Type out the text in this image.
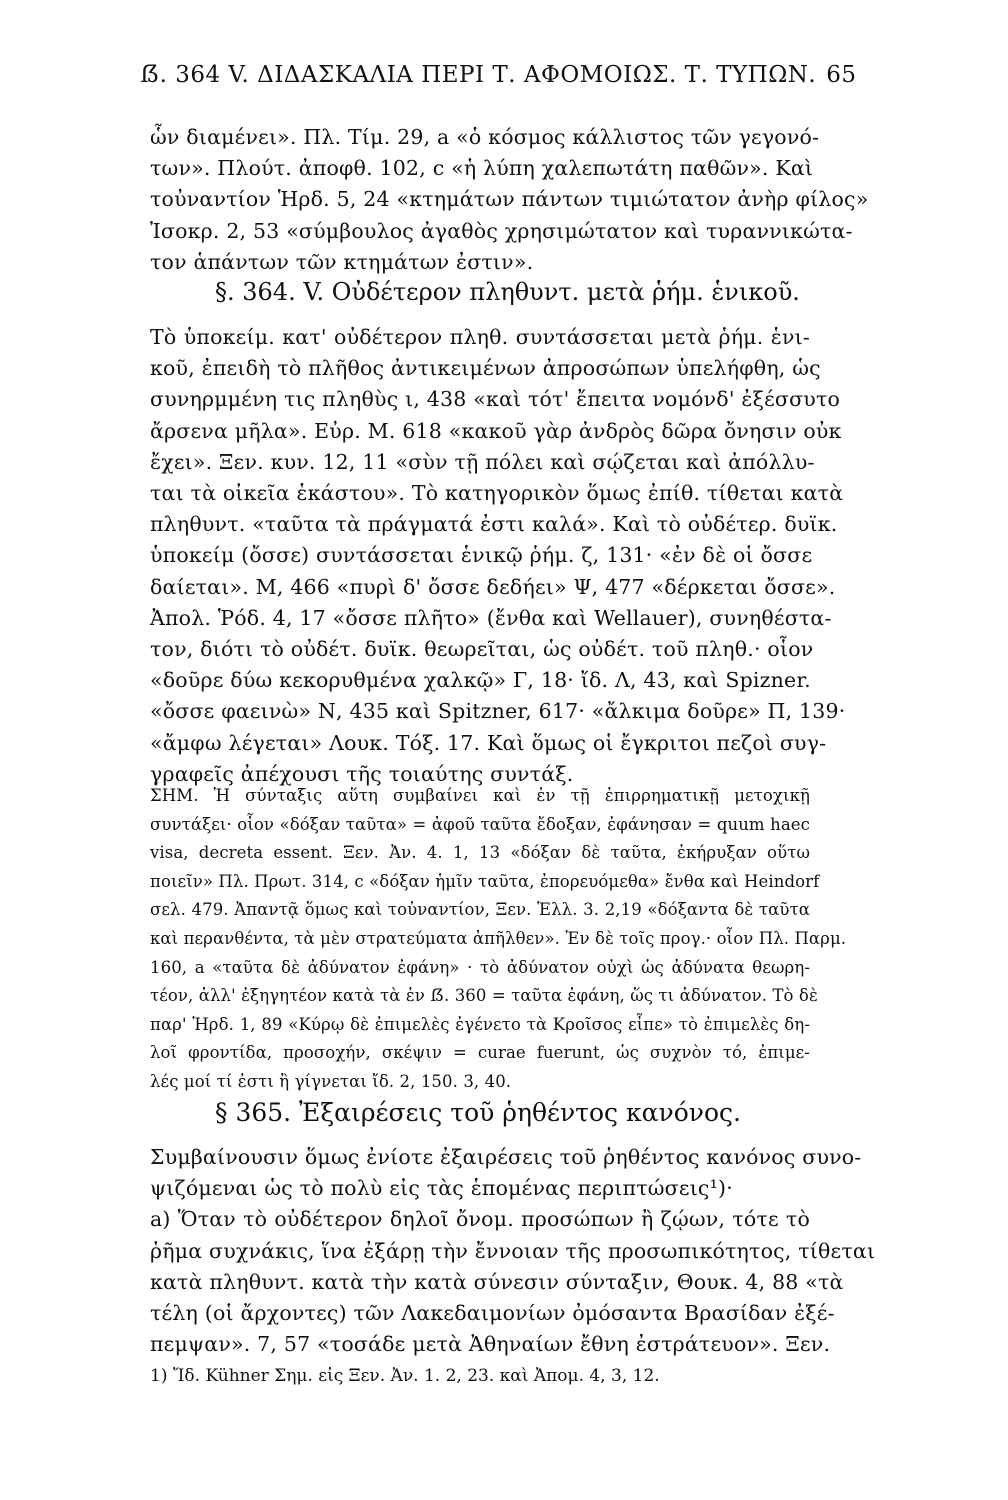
ẞ. 364 V. ΔΙΔΑΣΚΑΛΙΑ ΠΕΡΙ Τ. ΑΦΟΜΟΙΩΣ. Τ. ΤΥΠΩΝ. 65
ὧν διαμένει». Πλ. Τίμ. 29, a «ὁ κόσμος κάλλιστος τῶν γεγονό-
των». Πλούτ. ἀποφθ. 102, c «ἡ λύπη χαλεπωτάτη παθῶν». Καὶ
τοὐναντίον Ἡρδ. 5, 24 «κτημάτων πάντων τιμιώτατον ἀνὴρ φίλος»
Ἰσοκρ. 2, 53 «σύμβουλος ἀγαθὸς χρησιμώτατον καὶ τυραννικώτα-
τον ἁπάντων τῶν κτημάτων ἐστιν».
§. 364. V. Οὐδέτερον πληθυντ. μετὰ ῥήμ. ἑνικοῦ.
Τὸ ὑποκείμ. κατ' οὐδέτερον πληθ. συντάσσεται μετὰ ῥήμ. ἑνι-
κοῦ, ἐπειδὴ τὸ πλῆθος ἀντικειμένων ἀπροσώπων ὑπελήφθη, ὡς
συνηρμμένη τις πληθὺς ι, 438 «καὶ τότ' ἔπειτα νομόνδ' ἐξέσσυτο
ἄρσενα μῆλα». Εὐρ. Μ. 618 «κακοῦ γὰρ ἀνδρὸς δῶρα ὄνησιν οὐκ
ἔχει». Ξεν. κυν. 12, 11 «σὺν τῇ πόλει καὶ σῴζεται καὶ ἀπόλλυ-
ται τὰ οἰκεῖα ἑκάστου». Τὸ κατηγορικὸν ὅμως ἐπίθ. τίθεται κατὰ
πληθυντ. «ταῦτα τὰ πράγματά ἐστι καλά». Καὶ τὸ οὐδέτερ. δυϊκ.
ὑποκείμ (ὄσσε) συντάσσεται ἑνικῷ ῥήμ. ζ, 131· «ἐν δὲ οἱ ὄσσε
δαίεται». Μ, 466 «πυρὶ δ' ὄσσε δεδήει» Ψ, 477 «δέρκεται ὄσσε».
Ἀπολ. Ῥόδ. 4, 17 «ὄσσε πλῆτο» (ἔνθα καὶ Wellauer), συνηθέστα-
τον, διότι τὸ οὐδέτ. δυϊκ. θεωρεῖται, ὡς οὐδέτ. τοῦ πληθ.· οἷον
«δοῦρε δύω κεκορυθμένα χαλκῷ» Γ, 18· ἴδ. Λ, 43, καὶ Spizner.
«ὄσσε φαεινὼ» Ν, 435 καὶ Spitzner, 617· «ἄλκιμα δοῦρε» Π, 139·
«ἄμφω λέγεται» Λουκ. Τόξ. 17. Καὶ ὅμως οἱ ἔγκριτοι πεζοὶ συγ-
γραφεῖς ἀπέχουσι τῆς τοιαύτης συντάξ.
ΣΗΜ. Ἡ σύνταξις αὕτη συμβαίνει καὶ ἐν τῇ ἐπιρρηματικῇ μετοχικῇ
συντάξει· οἷον «δόξαν ταῦτα» = ἀφοῦ ταῦτα ἔδοξαν, ἐφάνησαν = quum haec
visa, decreta essent. Ξεν. Ἀν. 4. 1, 13 «δόξαν δὲ ταῦτα, ἐκήρυξαν οὕτω
ποιεῖν» Πλ. Πρωτ. 314, c «δόξαν ἡμῖν ταῦτα, ἐπορευόμεθα» ἔνθα καὶ Heindorf
σελ. 479. Ἀπαντᾷ ὅμως καὶ τοὐναντίον, Ξεν. Ἑλλ. 3. 2,19 «δόξαντα δὲ ταῦτα
καὶ περανθέντα, τὰ μὲν στρατεύματα ἀπῆλθεν». Ἐν δὲ τοῖς προγ.· οἷον Πλ. Παρμ.
160, a «ταῦτα δὲ ἀδύνατον ἐφάνη» · τὸ ἀδύνατον οὐχὶ ὡς ἀδύνατα θεωρη-
τέον, ἀλλ' ἐξηγητέον κατὰ τὰ ἐν ẞ. 360 = ταῦτα ἐφάνη, ὥς τι ἀδύνατον. Τὸ δὲ
παρ' Ἡρδ. 1, 89 «Κύρῳ δὲ ἐπιμελὲς ἐγένετο τὰ Κροῖσος εἶπε» τὸ ἐπιμελὲς δη-
λοῖ φροντίδα, προσοχήν, σκέψιν = curae fuerunt, ὡς συχνὸν τό, ἐπιμε-
λές μοί τί ἐστι ἢ γίγνεται ἴδ. 2, 150. 3, 40.
§ 365. Ἐξαιρέσεις τοῦ ῥηθέντος κανόνος.
Συμβαίνουσιν ὅμως ἐνίοτε ἐξαιρέσεις τοῦ ῥηθέντος κανόνος συνο-
ψιζόμεναι ὡς τὸ πολὺ εἰς τὰς ἑπομένας περιπτώσεις¹)·
a) Ὅταν τὸ οὐδέτερον δηλοῖ ὄνομ. προσώπων ἢ ζῴων, τότε τὸ
ῥῆμα συχνάκις, ἵνα ἐξάρῃ τὴν ἔννοιαν τῆς προσωπικότητος, τίθεται
κατὰ πληθυντ. κατὰ τὴν κατὰ σύνεσιν σύνταξιν, Θουκ. 4, 88 «τὰ
τέλη (οἱ ἄρχοντες) τῶν Λακεδαιμονίων ὀμόσαντα Βρασίδαν ἐξέ-
πεμψαν». 7, 57 «τοσάδε μετὰ Ἀθηναίων ἔθνη ἐστράτευον». Ξεν.
1) Ἴδ. Kühner Σημ. εἰς Ξεν. Ἀν. 1. 2, 23. καὶ Ἀπομ. 4, 3, 12.
